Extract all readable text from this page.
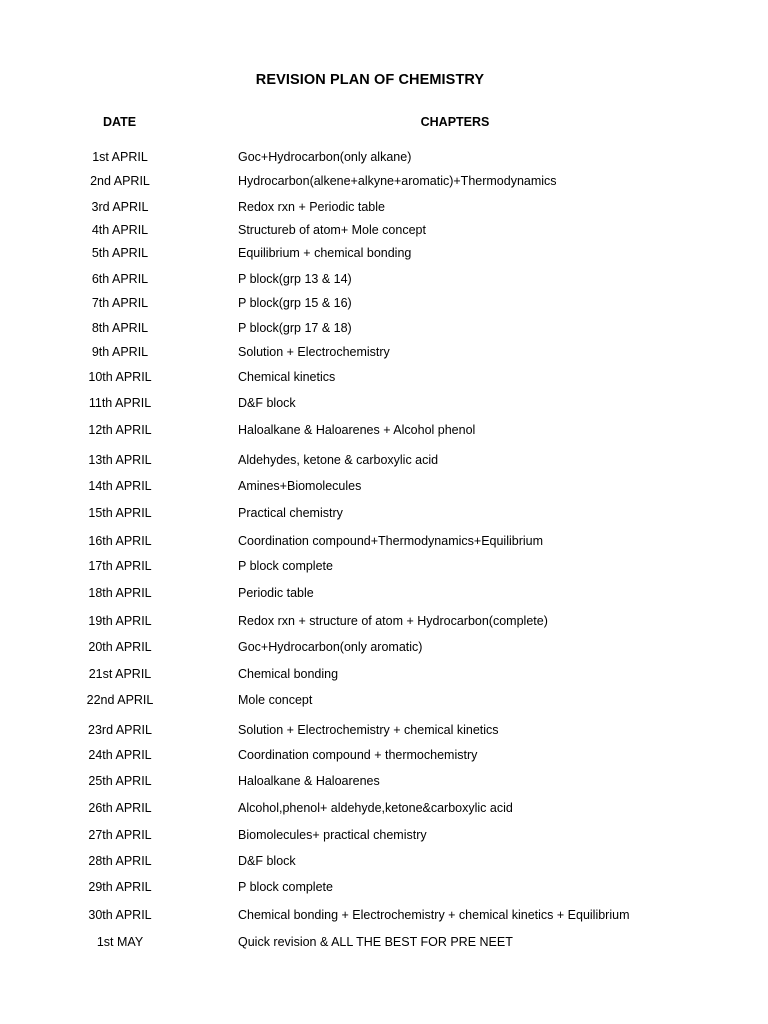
REVISION PLAN OF CHEMISTRY
DATE	CHAPTERS
1st APRIL	Goc+Hydrocarbon(only alkane)
2nd APRIL	Hydrocarbon(alkene+alkyne+aromatic)+Thermodynamics
3rd APRIL	Redox rxn + Periodic table
4th APRIL	Structureb of atom+ Mole concept
5th APRIL	Equilibrium + chemical bonding
6th APRIL	P block(grp 13 & 14)
7th APRIL	P block(grp 15 & 16)
8th APRIL	P block(grp 17 & 18)
9th APRIL	Solution + Electrochemistry
10th APRIL	Chemical kinetics
11th APRIL	D&F block
12th APRIL	Haloalkane & Haloarenes + Alcohol phenol
13th APRIL	Aldehydes, ketone & carboxylic acid
14th APRIL	Amines+Biomolecules
15th APRIL	Practical chemistry
16th APRIL	Coordination compound+Thermodynamics+Equilibrium
17th APRIL	P block complete
18th APRIL	Periodic table
19th APRIL	Redox rxn + structure of atom + Hydrocarbon(complete)
20th APRIL	Goc+Hydrocarbon(only aromatic)
21st APRIL	Chemical bonding
22nd APRIL	Mole concept
23rd APRIL	Solution + Electrochemistry + chemical kinetics
24th APRIL	Coordination compound + thermochemistry
25th APRIL	Haloalkane & Haloarenes
26th APRIL	Alcohol,phenol+ aldehyde,ketone&carboxylic acid
27th APRIL	Biomolecules+ practical chemistry
28th APRIL	D&F block
29th APRIL	P block complete
30th APRIL	Chemical bonding + Electrochemistry + chemical kinetics + Equilibrium
1st MAY	Quick revision & ALL THE BEST FOR PRE NEET
